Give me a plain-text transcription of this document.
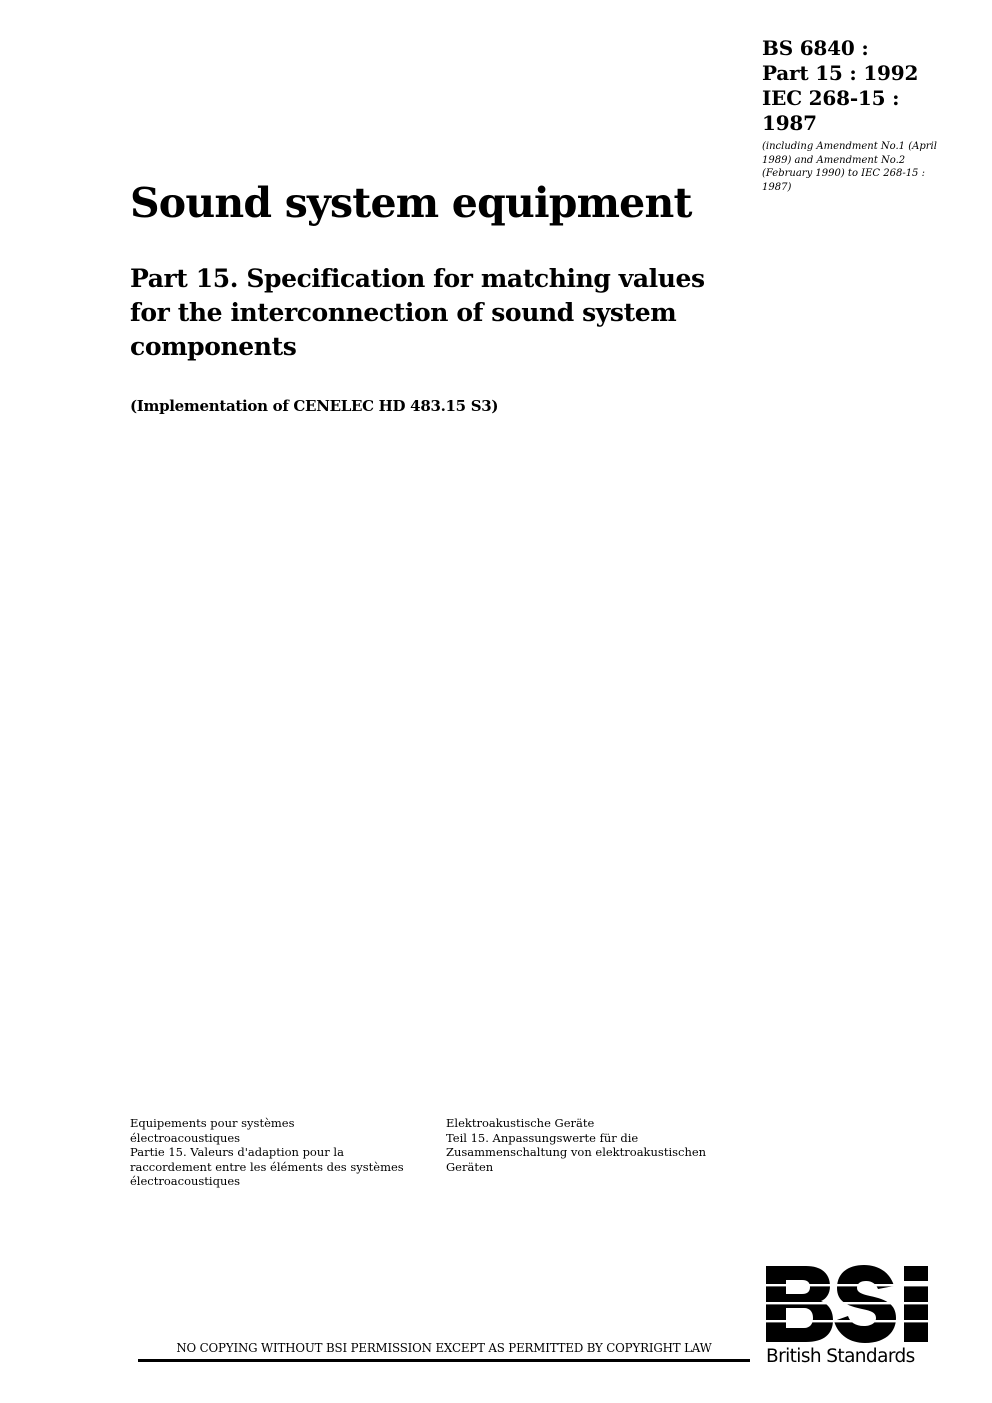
BS 6840 :
Part 15 : 1992
IEC 268-15 :
1987
(including Amendment No.1 (April 1989) and Amendment No.2 (February 1990) to IEC 268-15 : 1987)
Sound system equipment
Part 15. Specification for matching values for the interconnection of sound system components
(Implementation of CENELEC HD 483.15 S3)
Equipements pour systèmes
électroacoustiques
Partie 15. Valeurs d'adaption pour la
raccordement entre les éléments des systèmes
électroacoustiques
Elektroakustische Geräte
Teil 15. Anpassungswerte für die
Zusammenschaltung von elektroakustischen
Geräten
NO COPYING WITHOUT BSI PERMISSION EXCEPT AS PERMITTED BY COPYRIGHT LAW	British Standards
